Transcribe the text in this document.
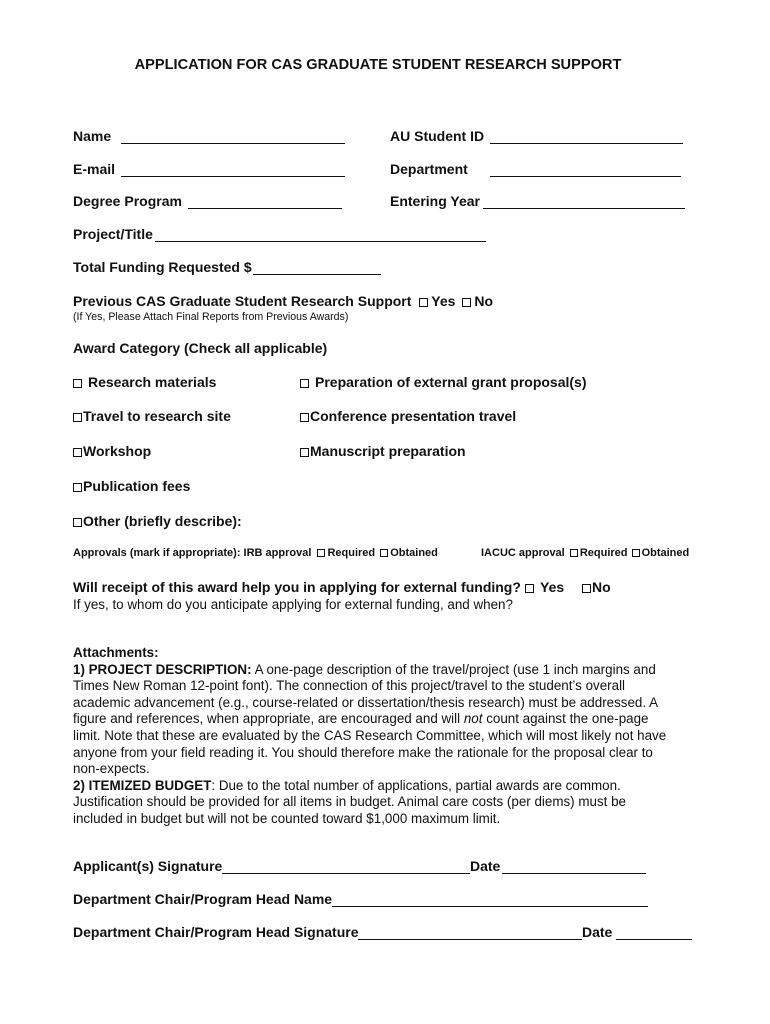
APPLICATION FOR CAS GRADUATE STUDENT RESEARCH SUPPORT
Name	AU Student ID
E-mail	Department
Degree Program	Entering Year
Project/Title
Total Funding Requested $
Previous CAS Graduate Student Research Support Yes No
(If Yes, Please Attach Final Reports from Previous Awards)
Award Category (Check all applicable)
Research materials	Preparation of external grant proposal(s)
Travel to research site	Conference presentation travel
Workshop	Manuscript preparation
Publication fees
Other (briefly describe):
Approvals (mark if appropriate): IRB approval Required Obtained	IACUC approval Required Obtained
Will receipt of this award help you in applying for external funding?	Yes	No
If yes, to whom do you anticipate applying for external funding, and when?
Attachments:
1) PROJECT DESCRIPTION: A one-page description of the travel/project (use 1 inch margins and
Times New Roman 12-point font). The connection of this project/travel to the student’s overall
academic advancement (e.g., course-related or dissertation/thesis research) must be addressed. A
figure and references, when appropriate, are encouraged and will not count against the one-page
limit. Note that these are evaluated by the CAS Research Committee, which will most likely not have
anyone from your field reading it. You should therefore make the rationale for the proposal clear to
non-expects.
2) ITEMIZED BUDGET: Due to the total number of applications, partial awards are common.
Justification should be provided for all items in budget. Animal care costs (per diems) must be
included in budget but will not be counted toward $1,000 maximum limit.
Applicant(s) Signature	Date
Department Chair/Program Head Name
Department Chair/Program Head Signature	Date
